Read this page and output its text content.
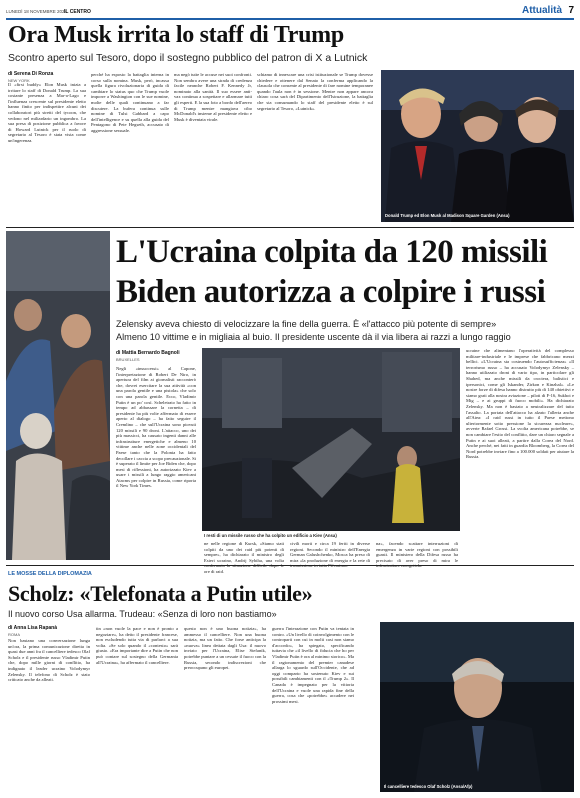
LUNEDÌ 18 NOVEMBRE 2024
IL CENTRO	Attualità 7
Ora Musk irrita lo staff di Trump
Scontro aperto sul Tesoro, dopo il sostegno pubblico del patron di X a Lutnick
di Serena Di Ronza
NEW YORK
Il «first buddy» Elon Musk inizia a irritare lo staff di Donald Trump. La sua costante presenza a Mar-a-Lago e l'influenza crescente sul presidente eletto hanno finito per indispettire alcuni dei collaboratori più stretti del tycoon, che vedono nel miliardario un ingombro. La sua presa di posizione pubblica a favore di Howard Lutnick per il ruolo di segretario al Tesoro è stata vista come un'ingerenza.
perché ha esposto la battaglia interna in corso sulla nomina. Musk, però, incassa quella figura rivoluzionaria di guida di cambiare lo status quo che Trump vuole imporre a Washington con le sue nomine, molte delle quali continuano a far discutere. La bufera continua sulle nomine di Tulsi Gabbard a capo dell'intelligence e su quella alla guida del Pentagono di Pete Hegseth, accusato di aggressione sessuale.
ma negò tutte le accuse nei suoi confronti. Non sembra avere una strada di credenza facile neanche Robert F. Kennedy Jr, nominato alla sanità. Il suo essere anti-vax continua a sospettare e allarmare tutti gli esperti. E la sua foto a bordo dell'aereo di Trump mentre mangiava cibo McDonald's insieme al presidente eletto e Musk è diventata virale.
schiamo di innescare una crisi istituzionale se Trump dovesse chiedere e ottenere dal Senato la conferma applicando la clausola che consente al presidente di fare nomine temporanee quando l'aula non è in sessione. Mentre non appare ancora chiaro cosa sarà del Dipartimento dell'Istruzione, la battaglia che sta consumando lo staff del presidente eletto è sul segretario al Tesoro, «Lutnick».
Donald Trump ed Elon Musk al Madison Square Garden (Ansa)
L'Ucraina colpita da 120 missili
Biden autorizza a colpire i russi
Zelensky aveva chiesto di velocizzare la fine della guerra. È «l'attacco più potente di sempre»
Almeno 10 vittime e in migliaia al buio. Il presidente uscente dà il via libera ai razzi a lungo raggio
di Mattia Bernardo Bagnoli
BRUXELLES
Negli «insuccessi» al Capone, l'interpretazione di Robert De Niro, in apertura del film ai giornalisti racconterò che, dovrei esercitare la sua attività «con una parola gentile e una pistola» che solo con una parola gentile. Ecco, Vladimir Putin è un po' così. Scheletrato ha fatto in tempo ad abbassare la cornetta – di presidente ha più volte affermato di essere aperto al dialogo – ha fatto seguire il Cremlino – che sull'Ucraina sono piovuti 120 missili e 90 droni. L'attacco, uno dei più massicci, ha causato ingenti danni alle infrastrutture energetiche e almeno 10 vittime anche nelle zone occidentali del Paese tanto che la Polonia ha fatto decollare i caccia a scopo precauzionale. Si è superato il limite per Joe Biden che, dopo mesi di riflessioni, ha autorizzato Kiev a usare i missili a lungo raggio americani Atacms per colpire in Russia, come riporta il New York Times.
I resti di un missile russo che ha colpito un edificio a Kiev (Ansa)
ne nelle regione di Kursk, «Siamo stati colpiti da uno dei raid più potenti di sempre», ha dichiarato il ministro degli Esteri ucraino, Andrij Sybiha, una volta ore di raid.
civili morti e circa 19 feriti in diverse regioni. Secondo il ministro dell'Energia German Galushchenko, Mosca ha preso di mira «la produzione di energia e la rete di
na», facendo scattare interruzioni di emergenza in varie regioni con possibili guasti. Il ministero della Difesa russo ha precisato di aver preso di mira le
ucraine che alimentano l'operatività del complesso militare-industriale e le imprese che fabbricano mezzi bellici. «L'Ucraina sta costruendo l'autosufficienza» «Il terrorismo russo – ha accusato Volodymyr Zelensky – hanno utilizzato droni di vario tipo, in particolare gli Shahed, ma anche missili da crociera, balistici e ipersonici, come gli Iskander, Zirkon e Kinzhal». «Le nostre forze di difesa hanno distrutto più di 140 obiettivi e siamo grati alla nostra aviazione – piloti di F-16, Sukhoi e Mig – e ai gruppi di fuoco mobili». Ha dichiarato Zelensky. Ma non è bastato a neutralizzare del tutto l'assalto. La portata dell'attacco ha alzato l'allerta anche all'Aiea: «I raid russi in tutto il Paese mettono ulteriormente sotto pressione la sicurezza nucleare», avverte Rafael Grossi. La svolta americana potrebbe, se non cambiare l'esito del conflitto, dare un chiaro segnale a Putin e ai suoi alleati, a partire dalla Corea del Nord. Anche perché, nei fatti in guardia Bloomberg, la Corea del Nord potrebbe inviare fino a 100.000 soldati per aiutare la Russia.
LE MOSSE DELLA DIPLOMAZIA
Scholz: «Telefonata a Putin utile»
Il nuovo corso Usa allarma. Trudeau: «Senza di loro non bastiamo»
di Anna Lisa Rapanà
ROMA
Non bastano una conversazione lunga un'ora, la prima comunicazione diretta in quasi due anni fra il cancelliere tedesco Olaf Scholz e il presidente russo Vladimir Putin che, dopo mille giorni di conflitto, ha indignato il leader ucraino Volodymyr Zelensky. Il telefono di Scholz è stato criticato anche da alleati.
tin «non vuole la pace e non è pronto a negoziare», ha detto il presidente francese, non escludendo tutta via di parlarci a sua volta. «Se solo quando il «contesto» sarà giusto. «Era importante dire a Putin che non può contare sul sostegno della Germania all'Ucraina», ha affermato il cancelliere.
questo non è uno buona notizia», ha ammesso il cancelliere. Non una buona notizia, ma un fatto. Che forse anticipa la «nuova» linea dettata dagli Usa: il nuovo inviato per l'Ucraina, Elise Stefanik, potrebbe puntare a un cessate il fuoco con la Russia, secondo indiscrezioni che preoccupano gli europei.
guerra l'interazione con Putin va tentata in contro. «Un livello di coinvolgimento con le controparti con cui in molti casi non siamo d'accordo», ha spiegato, specificando tuttavia che «il livello di fiducia che ho per Vladimir Putin è ora al minimo storico». Ma il ragionamento del premier canadese allarga lo sguardo sull'Occidente, che ad oggi comparto ha sostenuto Kiev e sui possibili cambiamenti con il «Trump 2». Il Canada è impegnato per la vittoria dell'Ucraina e vuole una rapida fine della guerra, cosa che «potrebbe» accadere nei prossimi mesi.
Il cancelliere tedesco Olaf Scholz (Ansa/Afp)
